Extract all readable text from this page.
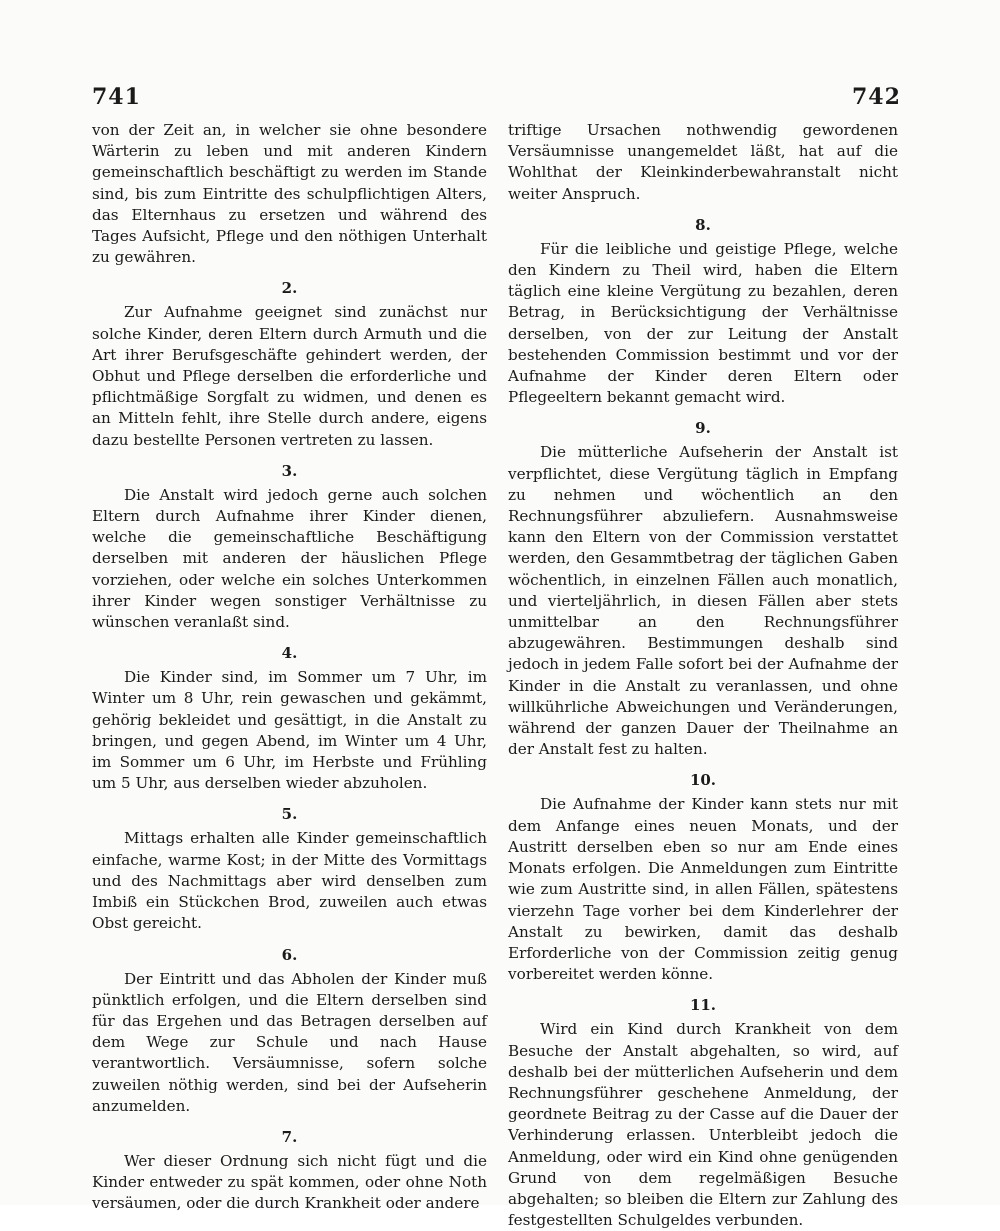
741	742

von der Zeit an, in welcher sie ohne besondere Wärterin zu leben und mit anderen Kindern gemeinschaftlich beschäftigt zu werden im Stande sind, bis zum Eintritte des schulpflichtigen Alters, das Elternhaus zu ersetzen und während des Tages Aufsicht, Pflege und den nöthigen Unterhalt zu gewähren.

2.

Zur Aufnahme geeignet sind zunächst nur solche Kinder, deren Eltern durch Armuth und die Art ihrer Berufsgeschäfte gehindert werden, der Obhut und Pflege derselben die erforderliche und pflichtmäßige Sorgfalt zu widmen, und denen es an Mitteln fehlt, ihre Stelle durch andere, eigens dazu bestellte Personen vertreten zu lassen.

3.

Die Anstalt wird jedoch gerne auch solchen Eltern durch Aufnahme ihrer Kinder dienen, welche die gemeinschaftliche Beschäftigung derselben mit anderen der häuslichen Pflege vorziehen, oder welche ein solches Unterkommen ihrer Kinder wegen sonstiger Verhältnisse zu wünschen veranlaßt sind.

4.

Die Kinder sind, im Sommer um 7 Uhr, im Winter um 8 Uhr, rein gewaschen und gekämmt, gehörig bekleidet und gesättigt, in die Anstalt zu bringen, und gegen Abend, im Winter um 4 Uhr, im Sommer um 6 Uhr, im Herbste und Frühling um 5 Uhr, aus derselben wieder abzuholen.

5.

Mittags erhalten alle Kinder gemeinschaftlich einfache, warme Kost; in der Mitte des Vormittags und des Nachmittags aber wird denselben zum Imbiß ein Stückchen Brod, zuweilen auch etwas Obst gereicht.

6.

Der Eintritt und das Abholen der Kinder muß pünktlich erfolgen, und die Eltern derselben sind für das Ergehen und das Betragen derselben auf dem Wege zur Schule und nach Hause verantwortlich. Versäumnisse, sofern solche zuweilen nöthig werden, sind bei der Aufseherin anzumelden.

7.

Wer dieser Ordnung sich nicht fügt und die Kinder entweder zu spät kommen, oder ohne Noth versäumen, oder die durch Krankheit oder andere

triftige Ursachen nothwendig gewordenen Versäumnisse unangemeldet läßt, hat auf die Wohlthat der Kleinkinderbewahranstalt nicht weiter Anspruch.

8.

Für die leibliche und geistige Pflege, welche den Kindern zu Theil wird, haben die Eltern täglich eine kleine Vergütung zu bezahlen, deren Betrag, in Berücksichtigung der Verhältnisse derselben, von der zur Leitung der Anstalt bestehenden Commission bestimmt und vor der Aufnahme der Kinder deren Eltern oder Pflegeeltern bekannt gemacht wird.

9.

Die mütterliche Aufseherin der Anstalt ist verpflichtet, diese Vergütung täglich in Empfang zu nehmen und wöchentlich an den Rechnungsführer abzuliefern. Ausnahmsweise kann den Eltern von der Commission verstattet werden, den Gesammtbetrag der täglichen Gaben wöchentlich, in einzelnen Fällen auch monatlich, und vierteljährlich, in diesen Fällen aber stets unmittelbar an den Rechnungsführer abzugewähren. Bestimmungen deshalb sind jedoch in jedem Falle sofort bei der Aufnahme der Kinder in die Anstalt zu veranlassen, und ohne willkührliche Abweichungen und Veränderungen, während der ganzen Dauer der Theilnahme an der Anstalt fest zu halten.

10.

Die Aufnahme der Kinder kann stets nur mit dem Anfange eines neuen Monats, und der Austritt derselben eben so nur am Ende eines Monats erfolgen. Die Anmeldungen zum Eintritte wie zum Austritte sind, in allen Fällen, spätestens vierzehn Tage vorher bei dem Kinderlehrer der Anstalt zu bewirken, damit das deshalb Erforderliche von der Commission zeitig genug vorbereitet werden könne.

11.

Wird ein Kind durch Krankheit von dem Besuche der Anstalt abgehalten, so wird, auf deshalb bei der mütterlichen Aufseherin und dem Rechnungsführer geschehene Anmeldung, der geordnete Beitrag zu der Casse auf die Dauer der Verhinderung erlassen. Unterbleibt jedoch die Anmeldung, oder wird ein Kind ohne genügenden Grund von dem regelmäßigen Besuche abgehalten; so bleiben die Eltern zur Zahlung des festgestellten Schulgeldes verbunden.
